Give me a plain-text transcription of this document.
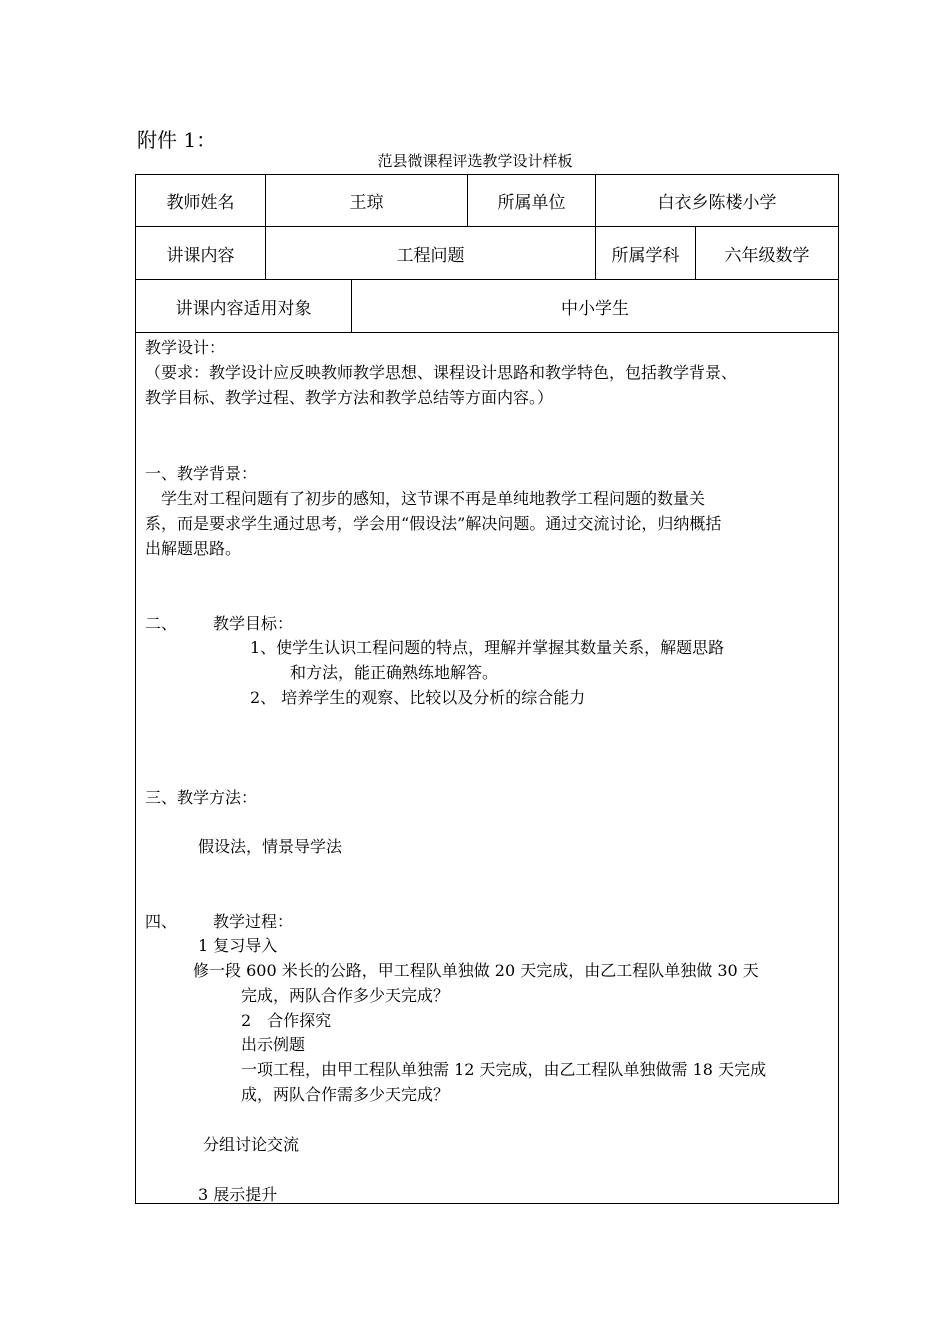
附件 1：
范县微课程评选教学设计样板
教师姓名	王琼	所属单位	白衣乡陈楼小学
讲课内容	工程问题	所属学科	六年级数学
讲课内容适用对象	中小学生
教学设计：
（要求：教学设计应反映教师教学思想、课程设计思路和教学特色，包括教学背景、
教学目标、教学过程、教学方法和教学总结等方面内容。）
一、教学背景：
　学生对工程问题有了初步的感知，这节课不再是单纯地教学工程问题的数量关
系，而是要求学生通过思考，学会用“假设法”解决问题。通过交流讨论，归纳概括
出解题思路。
二、 教学目标：
1、使学生认识工程问题的特点，理解并掌握其数量关系，解题思路
和方法，能正确熟练地解答。
2、 培养学生的观察、比较以及分析的综合能力
三、教学方法：
假设法，情景导学法
四、 教学过程：
1 复习导入
修一段 600 米长的公路，甲工程队单独做 20 天完成，由乙工程队单独做 30 天
完成，两队合作多少天完成？
2　合作探究
出示例题
一项工程，由甲工程队单独需 12 天完成，由乙工程队单独做需 18 天完成
成，两队合作需多少天完成？
分组讨论交流
3 展示提升
